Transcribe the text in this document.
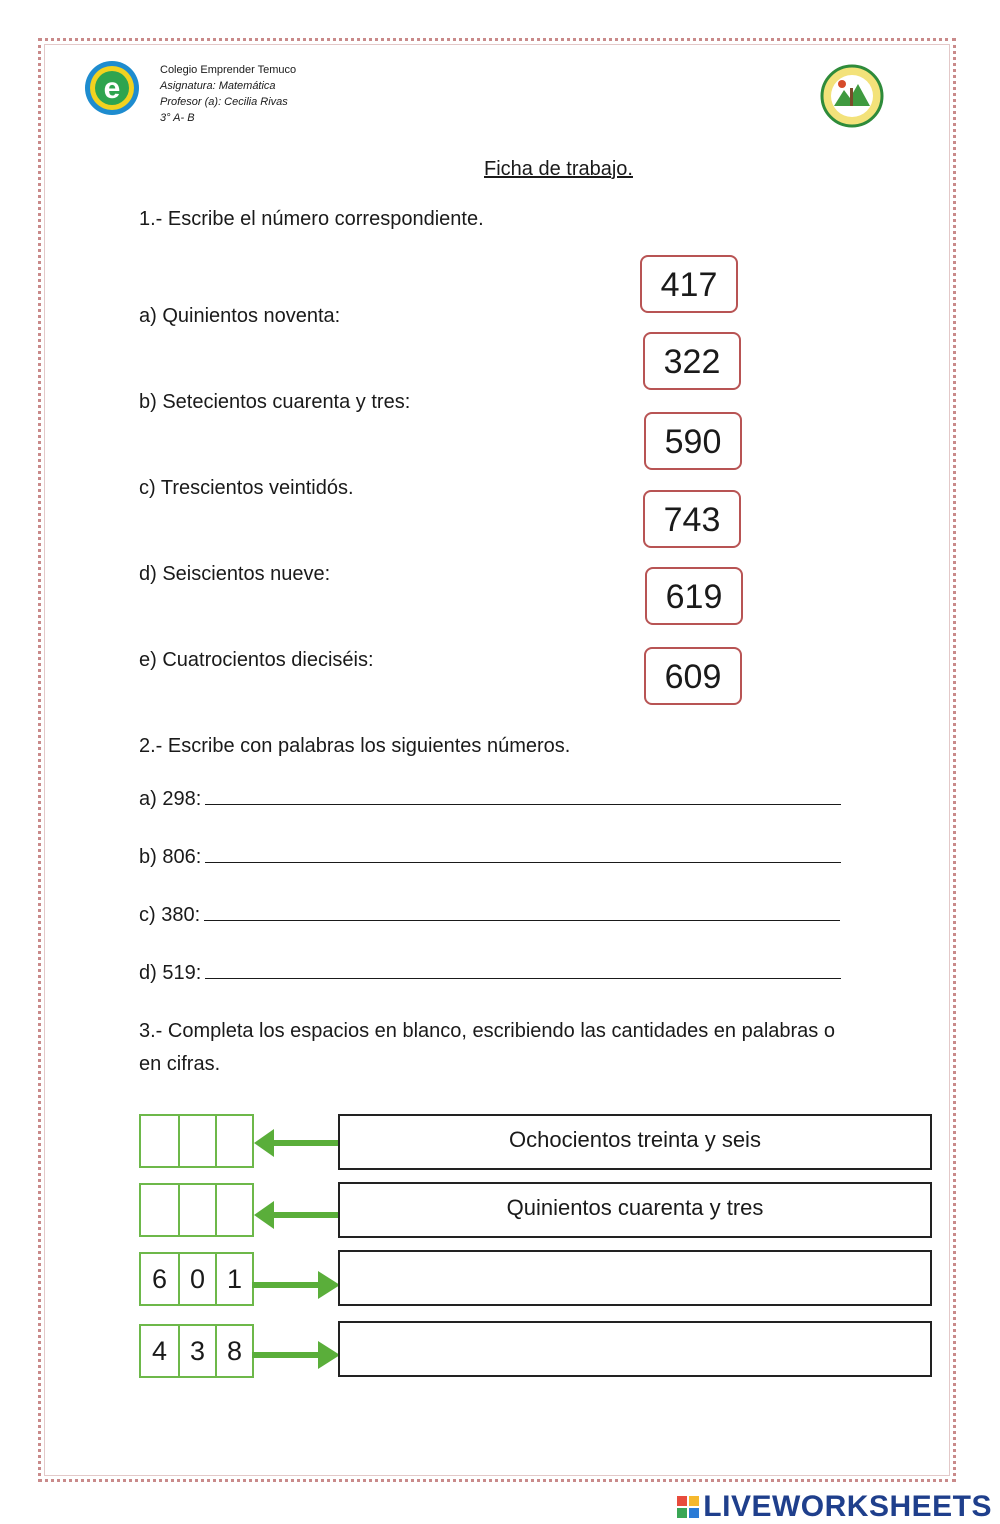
e
Colegio Emprender Temuco
Asignatura: Matemática
Profesor (a): Cecilia Rivas
3° A- B
Ficha de trabajo.
1.- Escribe el número correspondiente.
a) Quinientos noventa:
b) Setecientos cuarenta y tres:
c) Trescientos veintidós.
d) Seiscientos nueve:
e) Cuatrocientos dieciséis:
417
322
590
743
619
609
2.- Escribe con palabras los siguientes números.
a) 298:
b) 806:
c) 380:
d) 519:
3.- Completa los espacios en blanco, escribiendo las cantidades en palabras o
en cifras.
Ochocientos treinta y seis
Quinientos cuarenta y tres
6 0 1
4 3 8
LIVEWORKSHEETS
